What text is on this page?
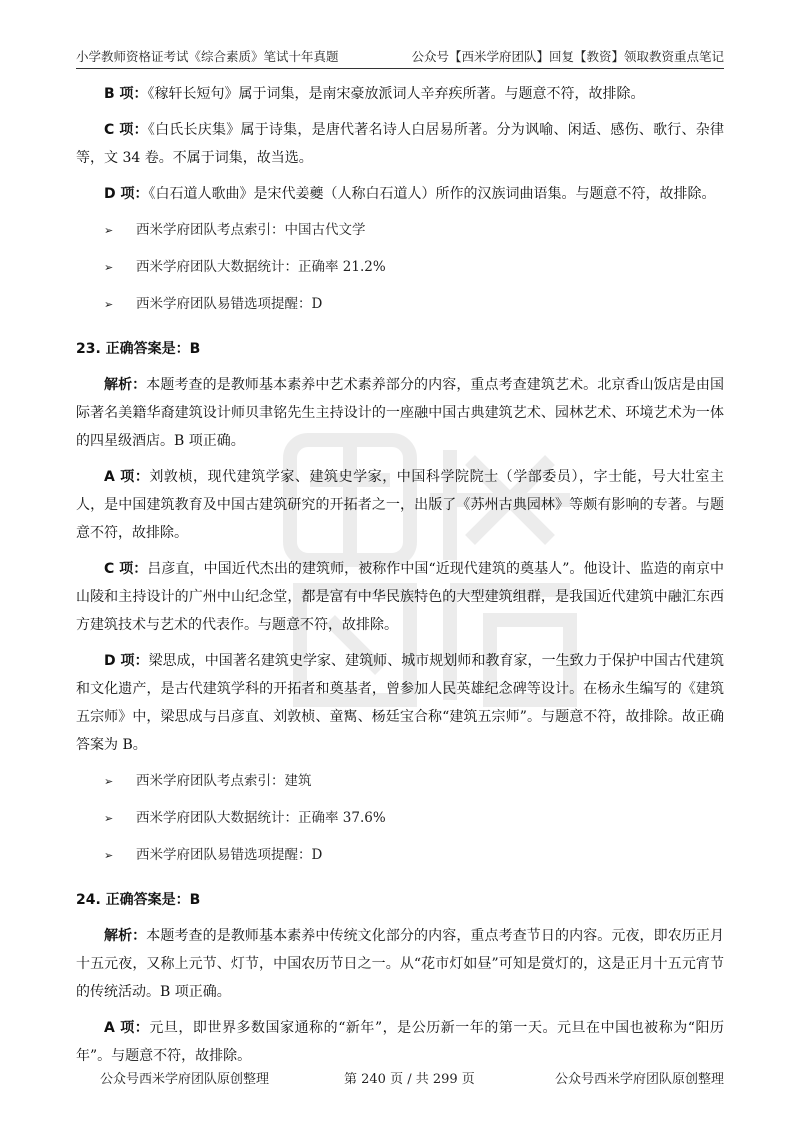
小学教师资格证考试《综合素质》笔试十年真题	公众号【西米学府团队】回复【教资】领取教资重点笔记

B 项：《稼轩长短句》属于词集，是南宋豪放派词人辛弃疾所著。与题意不符，故排除。

C 项：《白氏长庆集》属于诗集，是唐代著名诗人白居易所著。分为讽喻、闲适、感伤、歌行、杂律等，文 34 卷。不属于词集，故当选。

D 项：《白石道人歌曲》是宋代姜夔（人称白石道人）所作的汉族词曲语集。与题意不符，故排除。

➢ 西米学府团队考点索引：中国古代文学
➢ 西米学府团队大数据统计：正确率 21.2%
➢ 西米学府团队易错选项提醒：D
23. 正确答案是：B

解析：本题考查的是教师基本素养中艺术素养部分的内容，重点考查建筑艺术。北京香山饭店是由国际著名美籍华裔建筑设计师贝聿铭先生主持设计的一座融中国古典建筑艺术、园林艺术、环境艺术为一体的四星级酒店。B 项正确。

A 项：刘敦桢，现代建筑学家、建筑史学家，中国科学院院士（学部委员），字士能，号大壮室主人，是中国建筑教育及中国古建筑研究的开拓者之一，出版了《苏州古典园林》等颇有影响的专著。与题意不符，故排除。

C 项：吕彦直，中国近代杰出的建筑师，被称作中国“近现代建筑的奠基人”。他设计、监造的南京中山陵和主持设计的广州中山纪念堂，都是富有中华民族特色的大型建筑组群，是我国近代建筑中融汇东西方建筑技术与艺术的代表作。与题意不符，故排除。

D 项：梁思成，中国著名建筑史学家、建筑师、城市规划师和教育家，一生致力于保护中国古代建筑和文化遗产，是古代建筑学科的开拓者和奠基者，曾参加人民英雄纪念碑等设计。在杨永生编写的《建筑五宗师》中，梁思成与吕彦直、刘敦桢、童寯、杨廷宝合称“建筑五宗师”。与题意不符，故排除。故正确答案为 B。

➢ 西米学府团队考点索引：建筑
➢ 西米学府团队大数据统计：正确率 37.6%
➢ 西米学府团队易错选项提醒：D
24. 正确答案是：B

解析：本题考查的是教师基本素养中传统文化部分的内容，重点考查节日的内容。元夜，即农历正月十五元夜，又称上元节、灯节，中国农历节日之一。从“花市灯如昼”可知是赏灯的，这是正月十五元宵节的传统活动。B 项正确。

A 项：元旦，即世界多数国家通称的“新年”，是公历新一年的第一天。元旦在中国也被称为“阳历年”。与题意不符，故排除。

公众号西米学府团队原创整理	第 240 页 / 共 299 页	公众号西米学府团队原创整理
